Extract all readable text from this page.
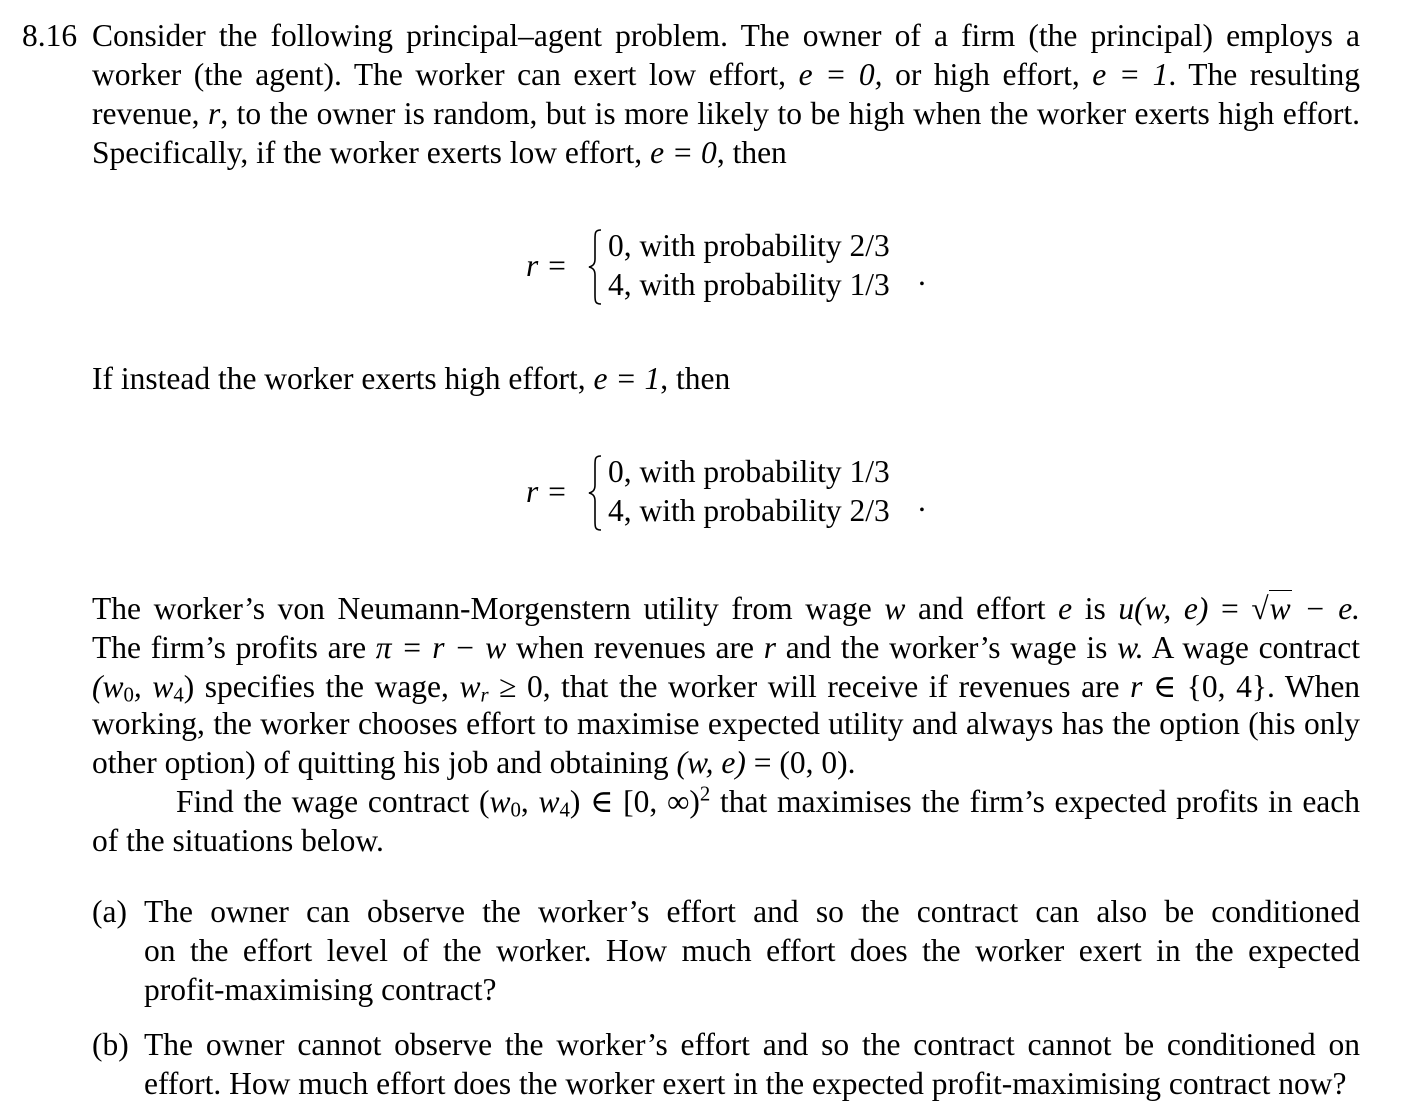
8.16 Consider the following principal–agent problem. The owner of a firm (the principal) employs a
worker (the agent). The worker can exert low effort, e = 0, or high effort, e = 1. The resulting
revenue, r, to the owner is random, but is more likely to be high when the worker exerts high effort.
Specifically, if the worker exerts low effort, e = 0, then
r =
0, with probability 2/3
4, with probability 1/3 .
If instead the worker exerts high effort, e = 1, then
r =
0, with probability 1/3
4, with probability 2/3 .
The worker’s von Neumann-Morgenstern utility from wage w and effort e is u(w, e) = √w − e.
The firm’s profits are π = r − w when revenues are r and the worker’s wage is w. A wage contract
($w_0$, $w_4$) specifies the wage, $w_r \ge 0$, that the worker will receive if revenues are r ∈ {0, 4}. When
working, the worker chooses effort to maximise expected utility and always has the option (his only
other option) of quitting his job and obtaining (w, e) = (0, 0).
Find the wage contract ($w_0$, $w_4$) ∈ [0, ∞)$^2$ that maximises the firm’s expected profits in each
of the situations below.
(a) The owner can observe the worker’s effort and so the contract can also be conditioned
on the effort level of the worker. How much effort does the worker exert in the expected
profit-maximising contract?
(b) The owner cannot observe the worker’s effort and so the contract cannot be conditioned on
effort. How much effort does the worker exert in the expected profit-maximising contract now?
